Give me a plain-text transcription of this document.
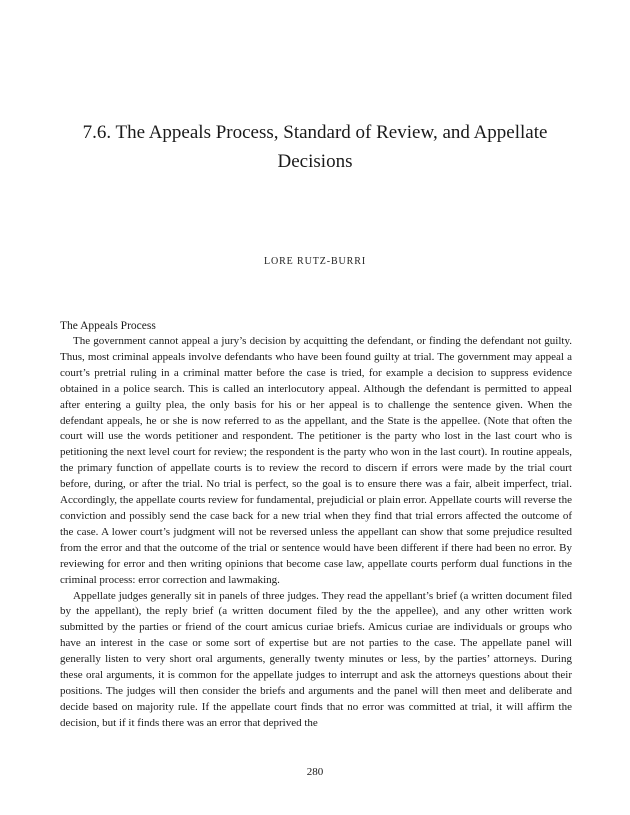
7.6. The Appeals Process, Standard of Review, and Appellate Decisions

LORE RUTZ-BURRI

The Appeals Process

The government cannot appeal a jury’s decision by acquitting the defendant, or finding the defendant not guilty. Thus, most criminal appeals involve defendants who have been found guilty at trial. The government may appeal a court’s pretrial ruling in a criminal matter before the case is tried, for example a decision to suppress evidence obtained in a police search. This is called an interlocutory appeal. Although the defendant is permitted to appeal after entering a guilty plea, the only basis for his or her appeal is to challenge the sentence given. When the defendant appeals, he or she is now referred to as the appellant, and the State is the appellee. (Note that often the court will use the words petitioner and respondent. The petitioner is the party who lost in the last court who is petitioning the next level court for review; the respondent is the party who won in the last court). In routine appeals, the primary function of appellate courts is to review the record to discern if errors were made by the trial court before, during, or after the trial. No trial is perfect, so the goal is to ensure there was a fair, albeit imperfect, trial. Accordingly, the appellate courts review for fundamental, prejudicial or plain error. Appellate courts will reverse the conviction and possibly send the case back for a new trial when they find that trial errors affected the outcome of the case. A lower court’s judgment will not be reversed unless the appellant can show that some prejudice resulted from the error and that the outcome of the trial or sentence would have been different if there had been no error. By reviewing for error and then writing opinions that become case law, appellate courts perform dual functions in the criminal process: error correction and lawmaking.

Appellate judges generally sit in panels of three judges. They read the appellant’s brief (a written document filed by the appellant), the reply brief (a written document filed by the the appellee), and any other written work submitted by the parties or friend of the court amicus curiae briefs. Amicus curiae are individuals or groups who have an interest in the case or some sort of expertise but are not parties to the case. The appellate panel will generally listen to very short oral arguments, generally twenty minutes or less, by the parties’ attorneys. During these oral arguments, it is common for the appellate judges to interrupt and ask the attorneys questions about their positions. The judges will then consider the briefs and arguments and the panel will then meet and deliberate and decide based on majority rule. If the appellate court finds that no error was committed at trial, it will affirm the decision, but if it finds there was an error that deprived the

280
